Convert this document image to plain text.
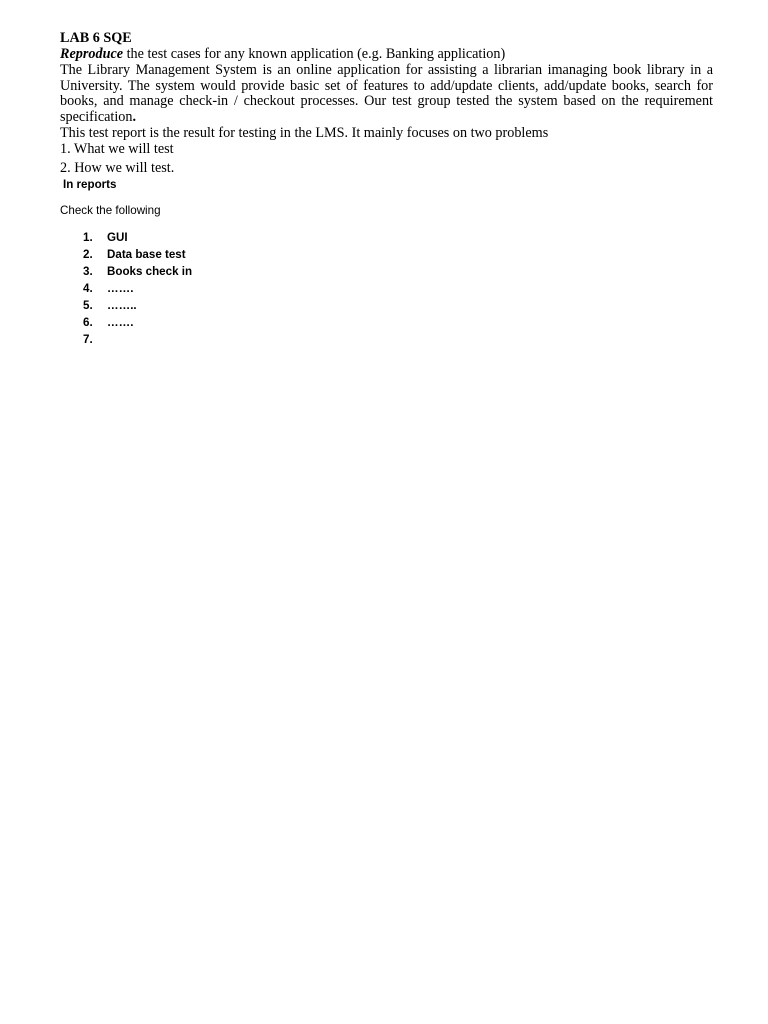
LAB 6 SQE
Reproduce the test cases for any known application (e.g. Banking application)
The Library Management System is an online application for assisting a librarian imanaging book library in a
University. The system would provide basic set of features to add/update clients, add/update books, search for
books, and manage check-in / checkout processes. Our test group tested the system based on the requirement
specification.
This test report is the result for testing in the LMS. It mainly focuses on two problems
1. What we will test
2. How we will test.
In reports
Check the following
1.	GUI
2.	Data base test
3.	Books check in
4.	…….
5.	……..
6.	…….
7.
